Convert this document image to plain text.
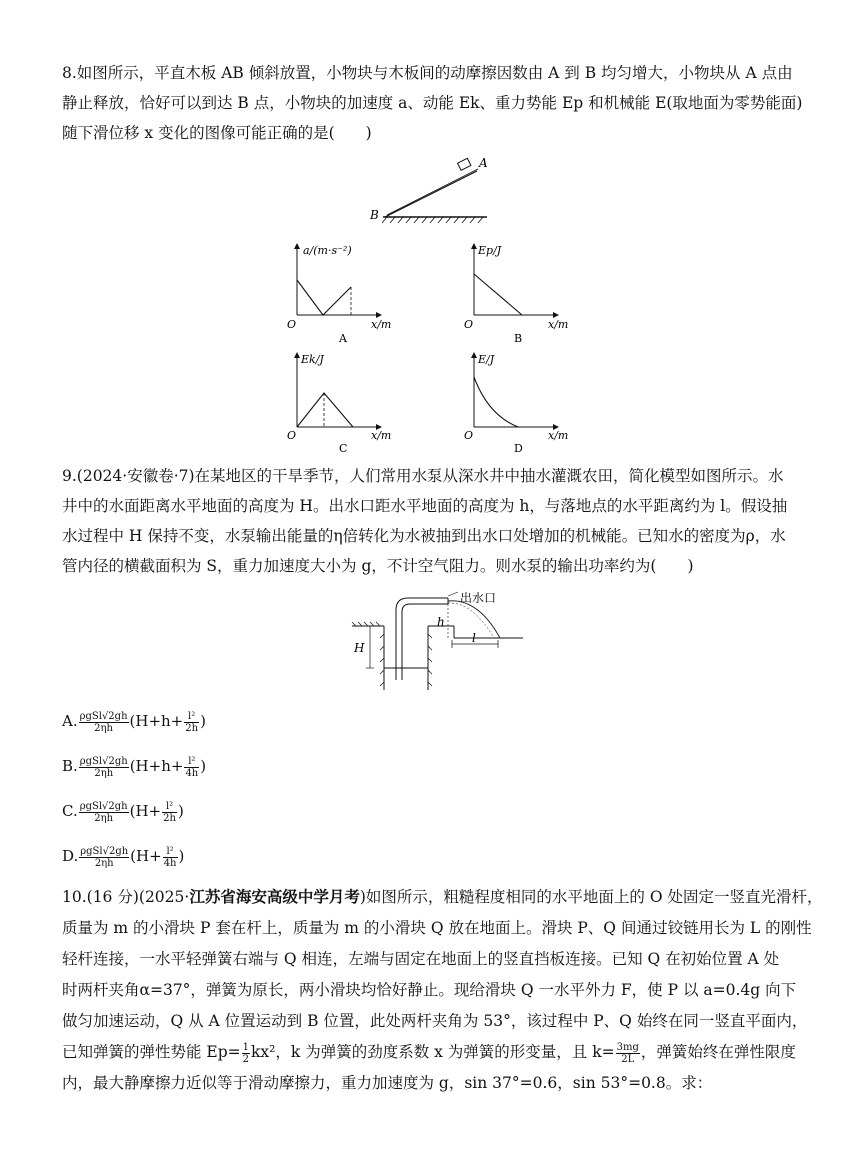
8.如图所示，平直木板 AB 倾斜放置，小物块与木板间的动摩擦因数由 A 到 B 均匀增大，小物块从 A 点由
静止释放，恰好可以到达 B 点，小物块的加速度 a、动能 Ek、重力势能 Ep 和机械能 E(取地面为零势能面)
随下滑位移 x 变化的图像可能正确的是(　　)
A
B
a/(m·s⁻²)
O	x/m
A
Ep/J
O	x/m
B
Ek/J
O	x/m
C
E/J
O	x/m
D
9.(2024·安徽卷·7)在某地区的干旱季节，人们常用水泵从深水井中抽水灌溉农田，简化模型如图所示。水
井中的水面距离水平地面的高度为 H。出水口距水平地面的高度为 h，与落地点的水平距离约为 l。假设抽
水过程中 H 保持不变，水泵输出能量的η倍转化为水被抽到出水口处增加的机械能。已知水的密度为ρ，水
管内径的横截面积为 S，重力加速度大小为 g，不计空气阻力。则水泵的输出功率约为(　　)
H
h
l
出水口
A. $\frac{\text{ρgSl√2gh}}{2\eta h} (H+h+ \frac{\text{l²}}{2h}$ )
B. $\frac{\text{ρgSl√2gh}}{2\eta h} (H+h+ \frac{\text{l²}}{4h}$ )
C. $\frac{\text{ρgSl√2gh}}{2\eta h} (H+ \frac{\text{l²}}{2h}$ )
D. $\frac{\text{ρgSl√2gh}}{2\eta h} (H+ \frac{\text{l²}}{4h}$ )
10.(16 分)(2025·江苏省海安高级中学月考)如图所示，粗糙程度相同的水平地面上的 O 处固定一竖直光滑杆，
质量为 m 的小滑块 P 套在杆上，质量为 m 的小滑块 Q 放在地面上。滑块 P、Q 间通过铰链用长为 L 的刚性
轻杆连接，一水平轻弹簧右端与 Q 相连，左端与固定在地面上的竖直挡板连接。已知 Q 在初始位置 A 处
时两杆夹角α=37°，弹簧为原长，两小滑块均恰好静止。现给滑块 Q 一水平外力 F，使 P 以 a=0.4g 向下
做匀加速运动，Q 从 A 位置运动到 B 位置，此处两杆夹角为 53°，该过程中 P、Q 始终在同一竖直平面内，
已知弹簧的弹性势能 $Ep= \frac{1}{2} kx^2$，k 为弹簧的劲度系数 x 为弹簧的形变量，且 $k= \frac{3mg}{2L}$ ，弹簧始终在弹性限度
内，最大静摩擦力近似等于滑动摩擦力，重力加速度为 g，sin 37°=0.6，sin 53°=0.8。求：
